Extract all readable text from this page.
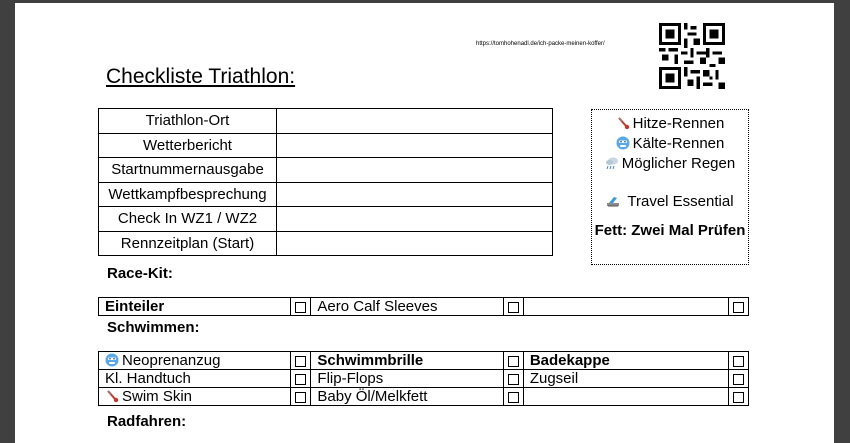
https://tomhohenadl.de/ich-packe-meinen-koffer/
Checkliste Triathlon:
Triathlon-Ort	
Wetterbericht	
Startnummernausgabe	
Wettkampfbesprechung	
Check In WZ1 / WZ2	
Rennzeitplan (Start)	
Hitze-Rennen
Kälte-Rennen
Möglicher Regen
Travel Essential
Fett: Zwei Mal Prüfen
Race-Kit:
Einteiler		Aero Calf Sleeves			
Schwimmen:
Neoprenanzug		Schwimmbrille		Badekappe	
Kl. Handtuch		Flip-Flops		Zugseil	
Swim Skin		Baby Öl/Melkfett			
Radfahren:
